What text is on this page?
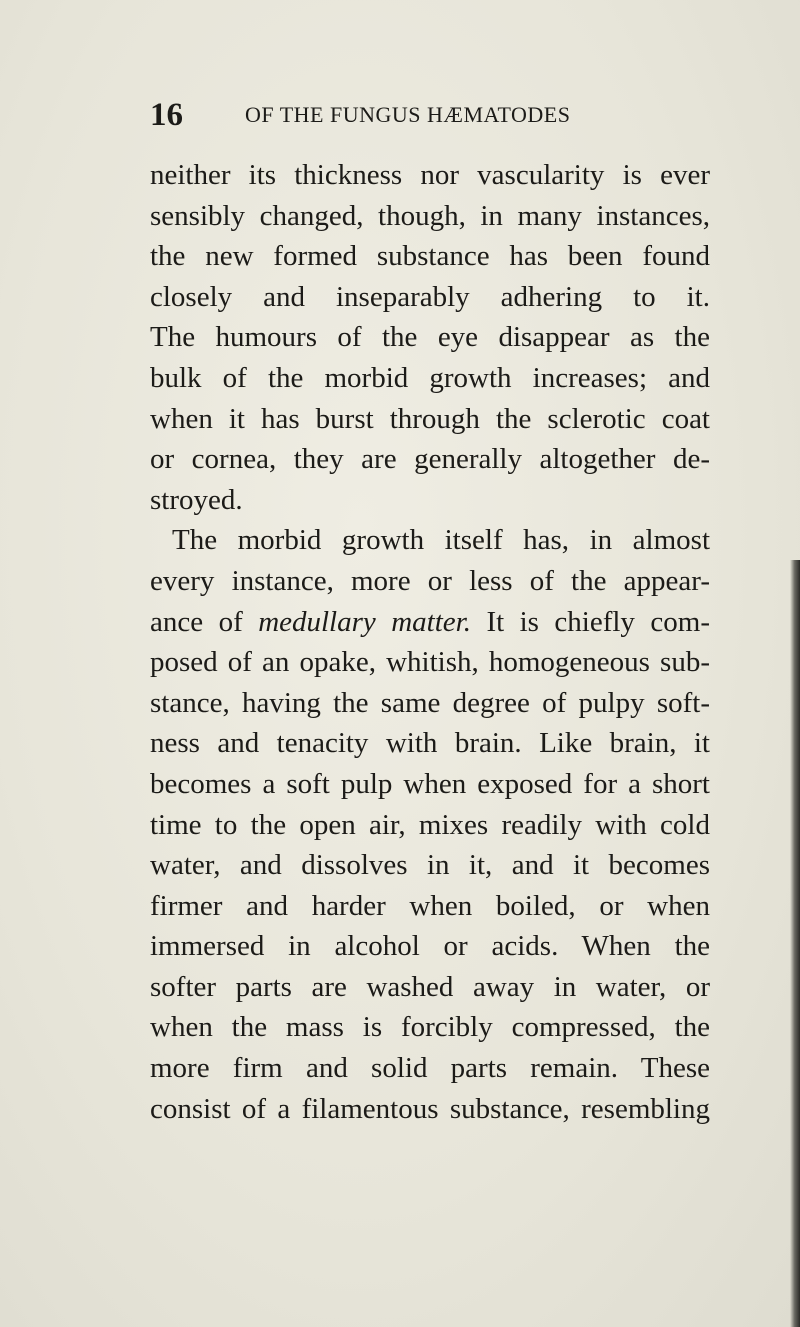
16	OF THE FUNGUS HÆMATODES
neither its thickness nor vascularity is ever
sensibly changed, though, in many instances,
the new formed substance has been found
closely and inseparably adhering to it.
The humours of the eye disappear as the
bulk of the morbid growth increases; and
when it has burst through the sclerotic coat
or cornea, they are generally altogether de-
stroyed.
The morbid growth itself has, in almost
every instance, more or less of the appear-
ance of medullary matter. It is chiefly com-
posed of an opake, whitish, homogeneous sub-
stance, having the same degree of pulpy soft-
ness and tenacity with brain. Like brain, it
becomes a soft pulp when exposed for a short
time to the open air, mixes readily with cold
water, and dissolves in it, and it becomes
firmer and harder when boiled, or when
immersed in alcohol or acids. When the
softer parts are washed away in water, or
when the mass is forcibly compressed, the
more firm and solid parts remain. These
consist of a filamentous substance, resembling
